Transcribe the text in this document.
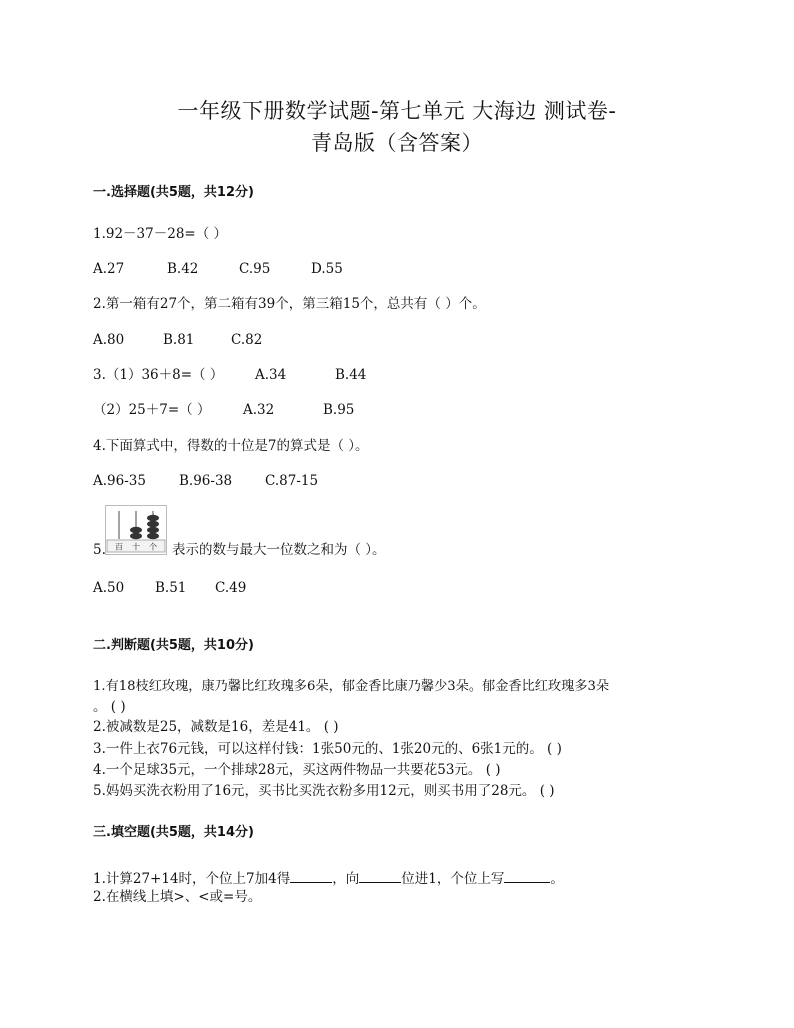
一年级下册数学试题-第七单元 大海边 测试卷-
青岛版（含答案）
一.选择题(共5题，共12分)
1.92－37－28=（ ）
A.27	B.42	C.95	D.55
2.第一箱有27个，第二箱有39个，第三箱15个，总共有（ ）个。
A.80	B.81	C.82
3.（1）36＋8=（ ） A.34	B.44
（2）25＋7=（ ） A.32	B.95
4.下面算式中，得数的十位是7的算式是（ ）。
A.96-35 B.96-38 C.87-15
百 十 个
5.	表示的数与最大一位数之和为（ ）。
A.50 B.51 C.49
二.判断题(共5题，共10分)
1.有18枝红玫瑰，康乃馨比红玫瑰多6朵，郁金香比康乃馨少3朵。郁金香比红玫瑰多3朵
。 ( )
2.被减数是25，减数是16，差是41。 ( )
3.一件上衣76元钱，可以这样付钱：1张50元的、1张20元的、6张1元的。 ( )
4.一个足球35元，一个排球28元，买这两件物品一共要花53元。 ( )
5.妈妈买洗衣粉用了16元，买书比买洗衣粉多用12元，则买书用了28元。 ( )
三.填空题(共5题，共14分)
1.计算27+14时，个位上7加4得	，向	位进1，个位上写	。
2.在横线上填>、<或=号。
